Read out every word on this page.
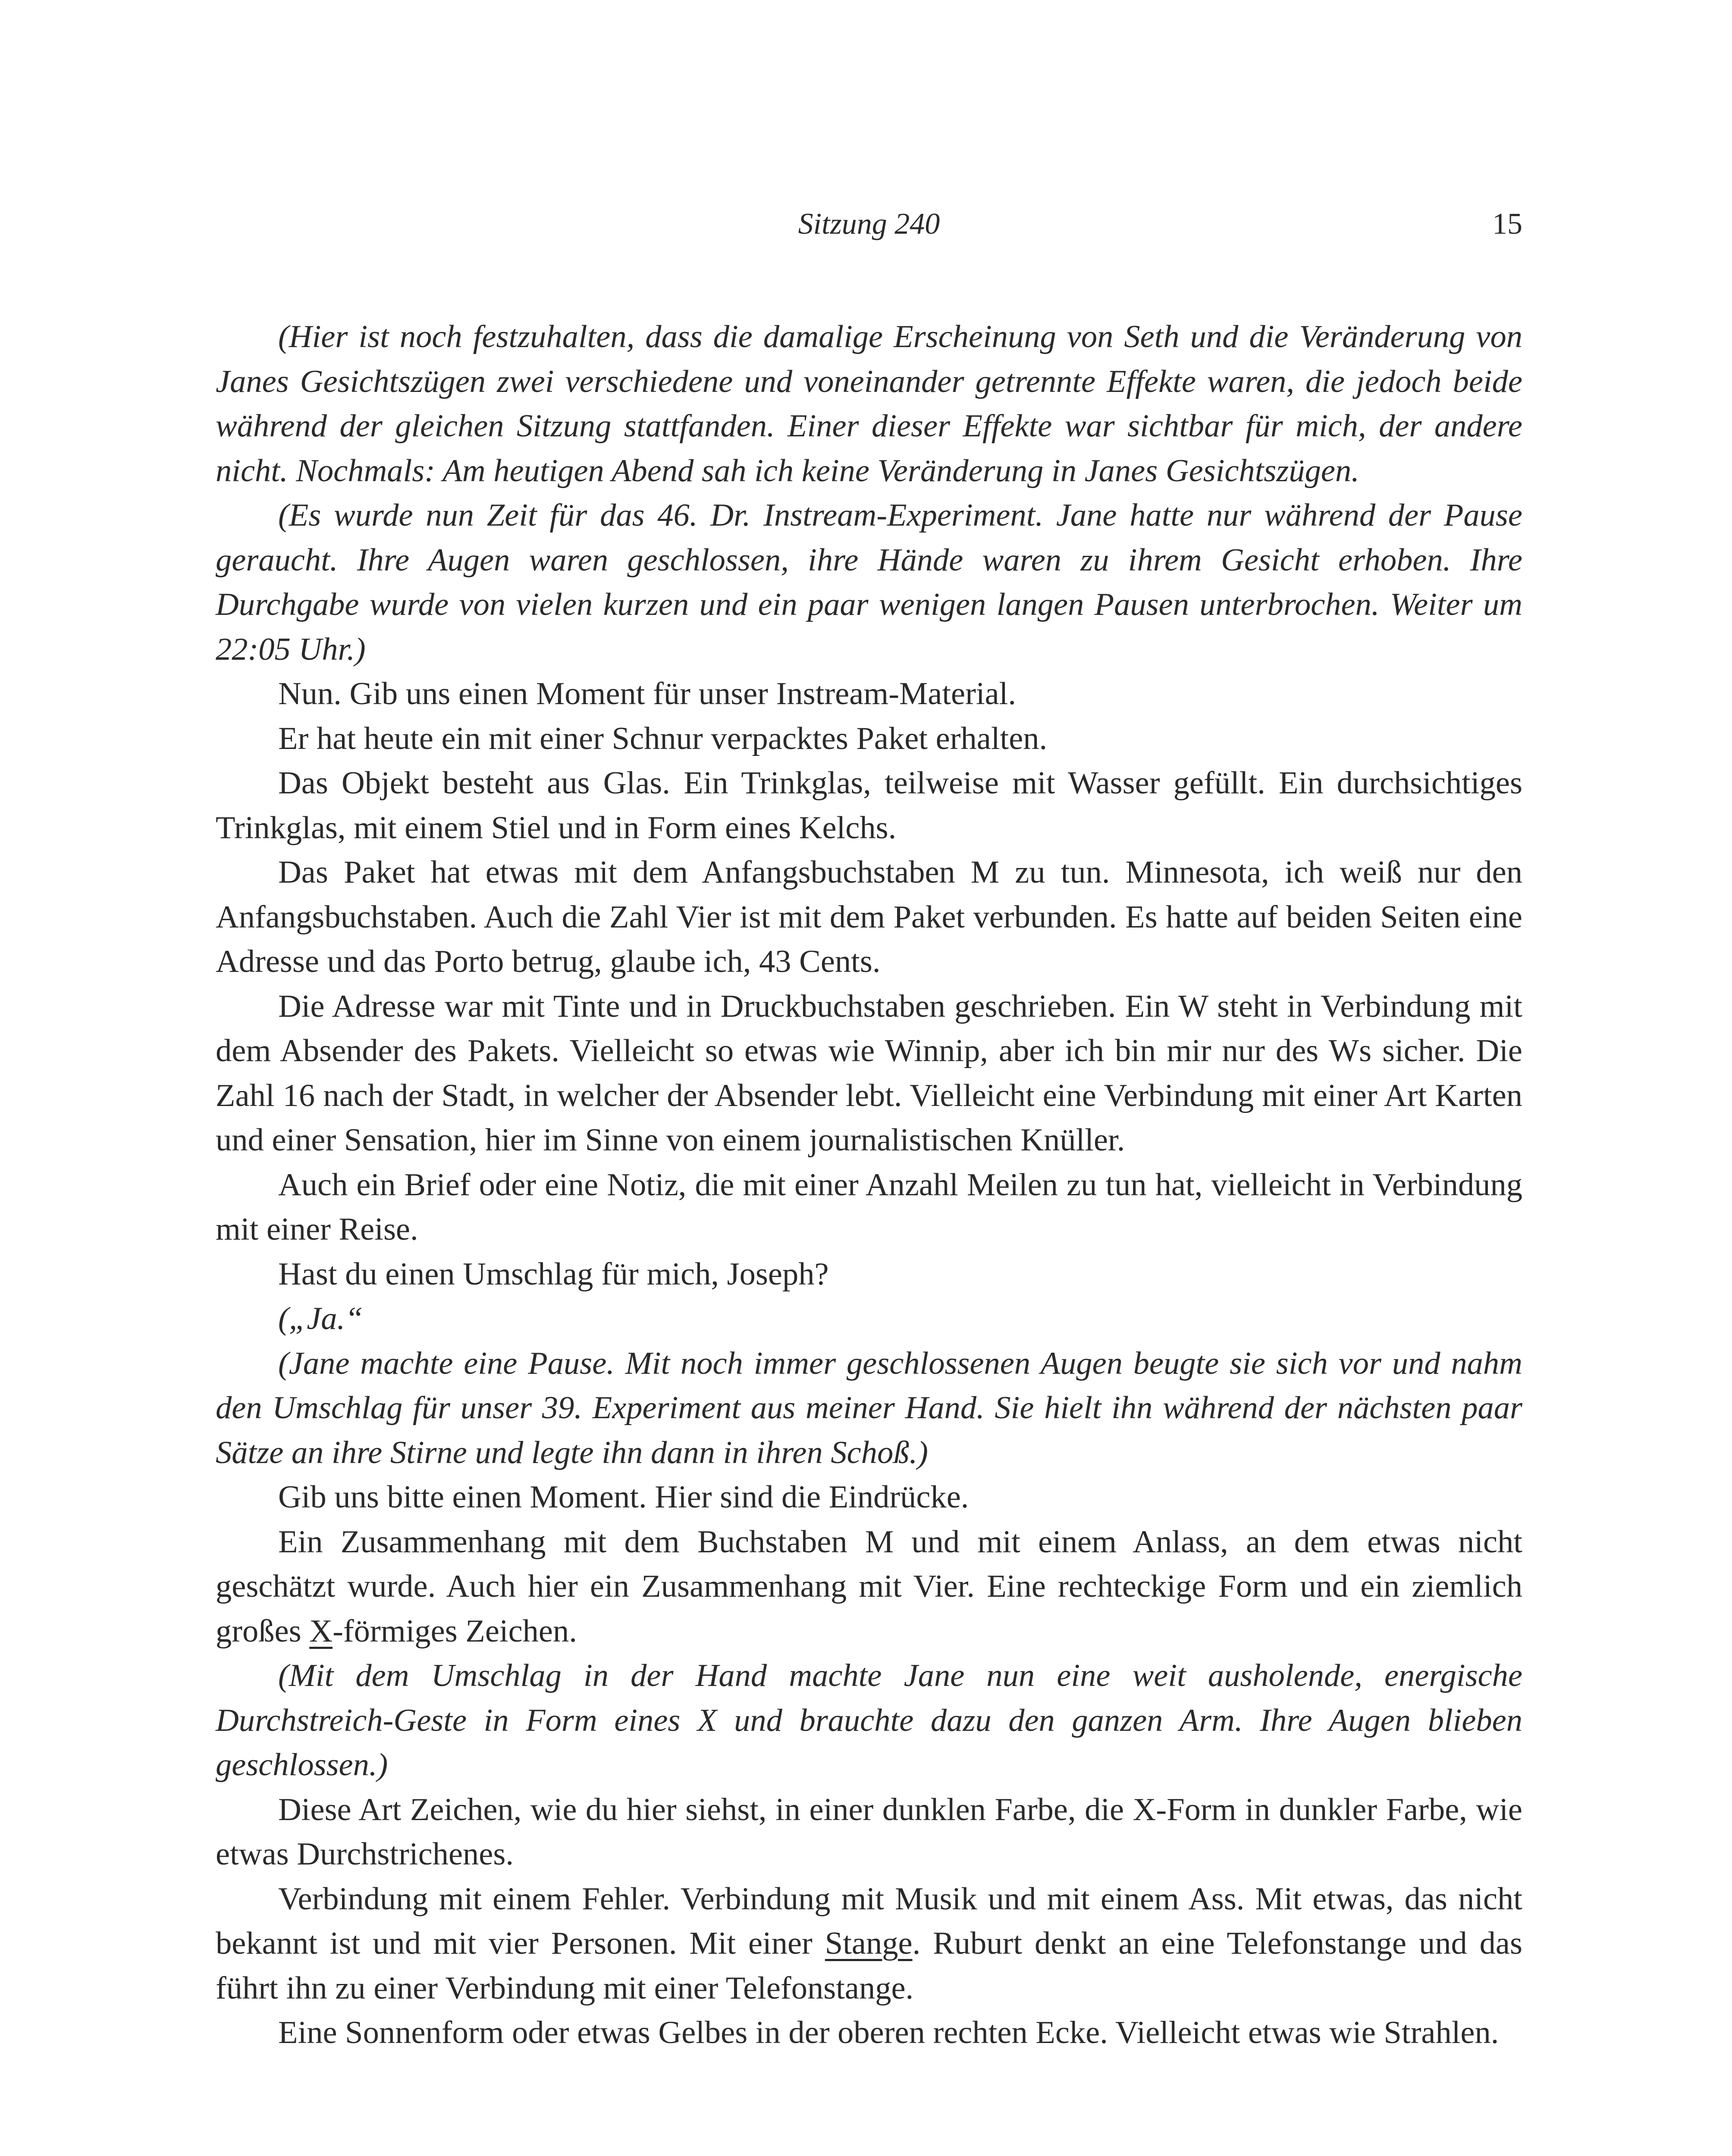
Sitzung 240	15

(Hier ist noch festzuhalten, dass die damalige Erscheinung von Seth und die Veränderung von Janes Gesichtszügen zwei verschiedene und voneinander getrennte Effekte waren, die jedoch beide während der gleichen Sitzung stattfanden. Einer dieser Effekte war sichtbar für mich, der andere nicht. Nochmals: Am heutigen Abend sah ich keine Veränderung in Janes Gesichtszügen.

(Es wurde nun Zeit für das 46. Dr. Instream-Experiment. Jane hatte nur während der Pause geraucht. Ihre Augen waren geschlossen, ihre Hände waren zu ihrem Gesicht erhoben. Ihre Durchgabe wurde von vielen kurzen und ein paar wenigen langen Pausen unterbrochen. Weiter um 22:05 Uhr.)

Nun. Gib uns einen Moment für unser Instream-Material.

Er hat heute ein mit einer Schnur verpacktes Paket erhalten.

Das Objekt besteht aus Glas. Ein Trinkglas, teilweise mit Wasser gefüllt. Ein durchsichtiges Trinkglas, mit einem Stiel und in Form eines Kelchs.

Das Paket hat etwas mit dem Anfangsbuchstaben M zu tun. Minnesota, ich weiß nur den Anfangsbuchstaben. Auch die Zahl Vier ist mit dem Paket verbunden. Es hatte auf beiden Seiten eine Adresse und das Porto betrug, glaube ich, 43 Cents.

Die Adresse war mit Tinte und in Druckbuchstaben geschrieben. Ein W steht in Verbindung mit dem Absender des Pakets. Vielleicht so etwas wie Winnip, aber ich bin mir nur des Ws sicher. Die Zahl 16 nach der Stadt, in welcher der Absender lebt. Vielleicht eine Verbindung mit einer Art Karten und einer Sensation, hier im Sinne von einem journalistischen Knüller.

Auch ein Brief oder eine Notiz, die mit einer Anzahl Meilen zu tun hat, vielleicht in Verbindung mit einer Reise.

Hast du einen Umschlag für mich, Joseph?

(„Ja.“

(Jane machte eine Pause. Mit noch immer geschlossenen Augen beugte sie sich vor und nahm den Umschlag für unser 39. Experiment aus meiner Hand. Sie hielt ihn während der nächsten paar Sätze an ihre Stirne und legte ihn dann in ihren Schoß.)

Gib uns bitte einen Moment. Hier sind die Eindrücke.

Ein Zusammenhang mit dem Buchstaben M und mit einem Anlass, an dem etwas nicht geschätzt wurde. Auch hier ein Zusammenhang mit Vier. Eine rechteckige Form und ein ziemlich großes X-förmiges Zeichen.

(Mit dem Umschlag in der Hand machte Jane nun eine weit ausholende, energische Durchstreich-Geste in Form eines X und brauchte dazu den ganzen Arm. Ihre Augen blieben geschlossen.)

Diese Art Zeichen, wie du hier siehst, in einer dunklen Farbe, die X-Form in dunkler Farbe, wie etwas Durchstrichenes.

Verbindung mit einem Fehler. Verbindung mit Musik und mit einem Ass. Mit etwas, das nicht bekannt ist und mit vier Personen. Mit einer Stange. Ruburt denkt an eine Telefonstange und das führt ihn zu einer Verbindung mit einer Telefonstange.

Eine Sonnenform oder etwas Gelbes in der oberen rechten Ecke. Vielleicht etwas wie Strahlen.
